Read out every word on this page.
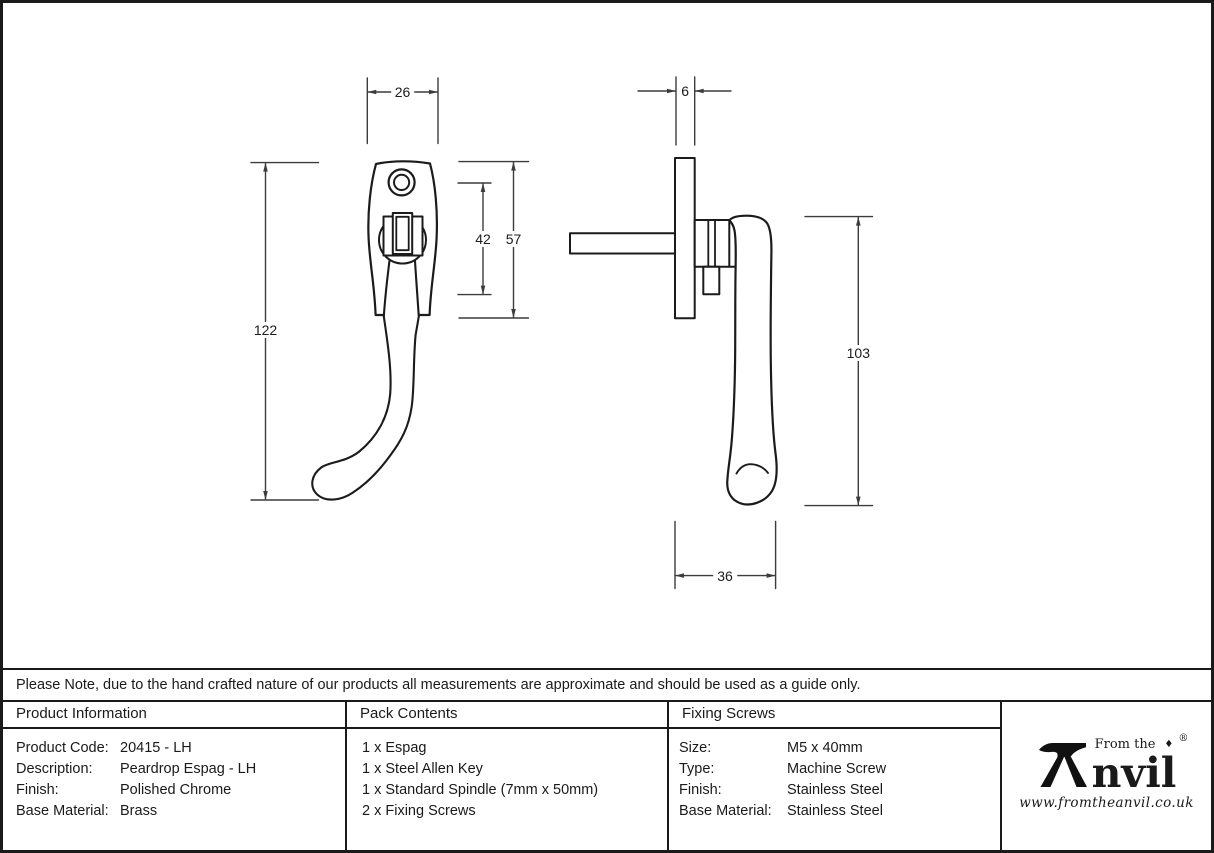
26
122
42 57
6
103
36
Please Note, due to the hand crafted nature of our products all measurements are approximate and should be used as a guide only.
Product Information
Product Code: 20415 - LH
Description:	Peardrop Espag - LH
Finish:	Polished Chrome
Base Material: Brass
Pack Contents
1 x Espag
1 x Steel Allen Key
1 x Standard Spindle (7mm x 50mm)
2 x Fixing Screws
Fixing Screws
Size:	M5 x 40mm
Type:	Machine Screw
Finish:	Stainless Steel
Base Material:	Stainless Steel
nvil
From the ♦
®
www.fromtheanvil.co.uk
